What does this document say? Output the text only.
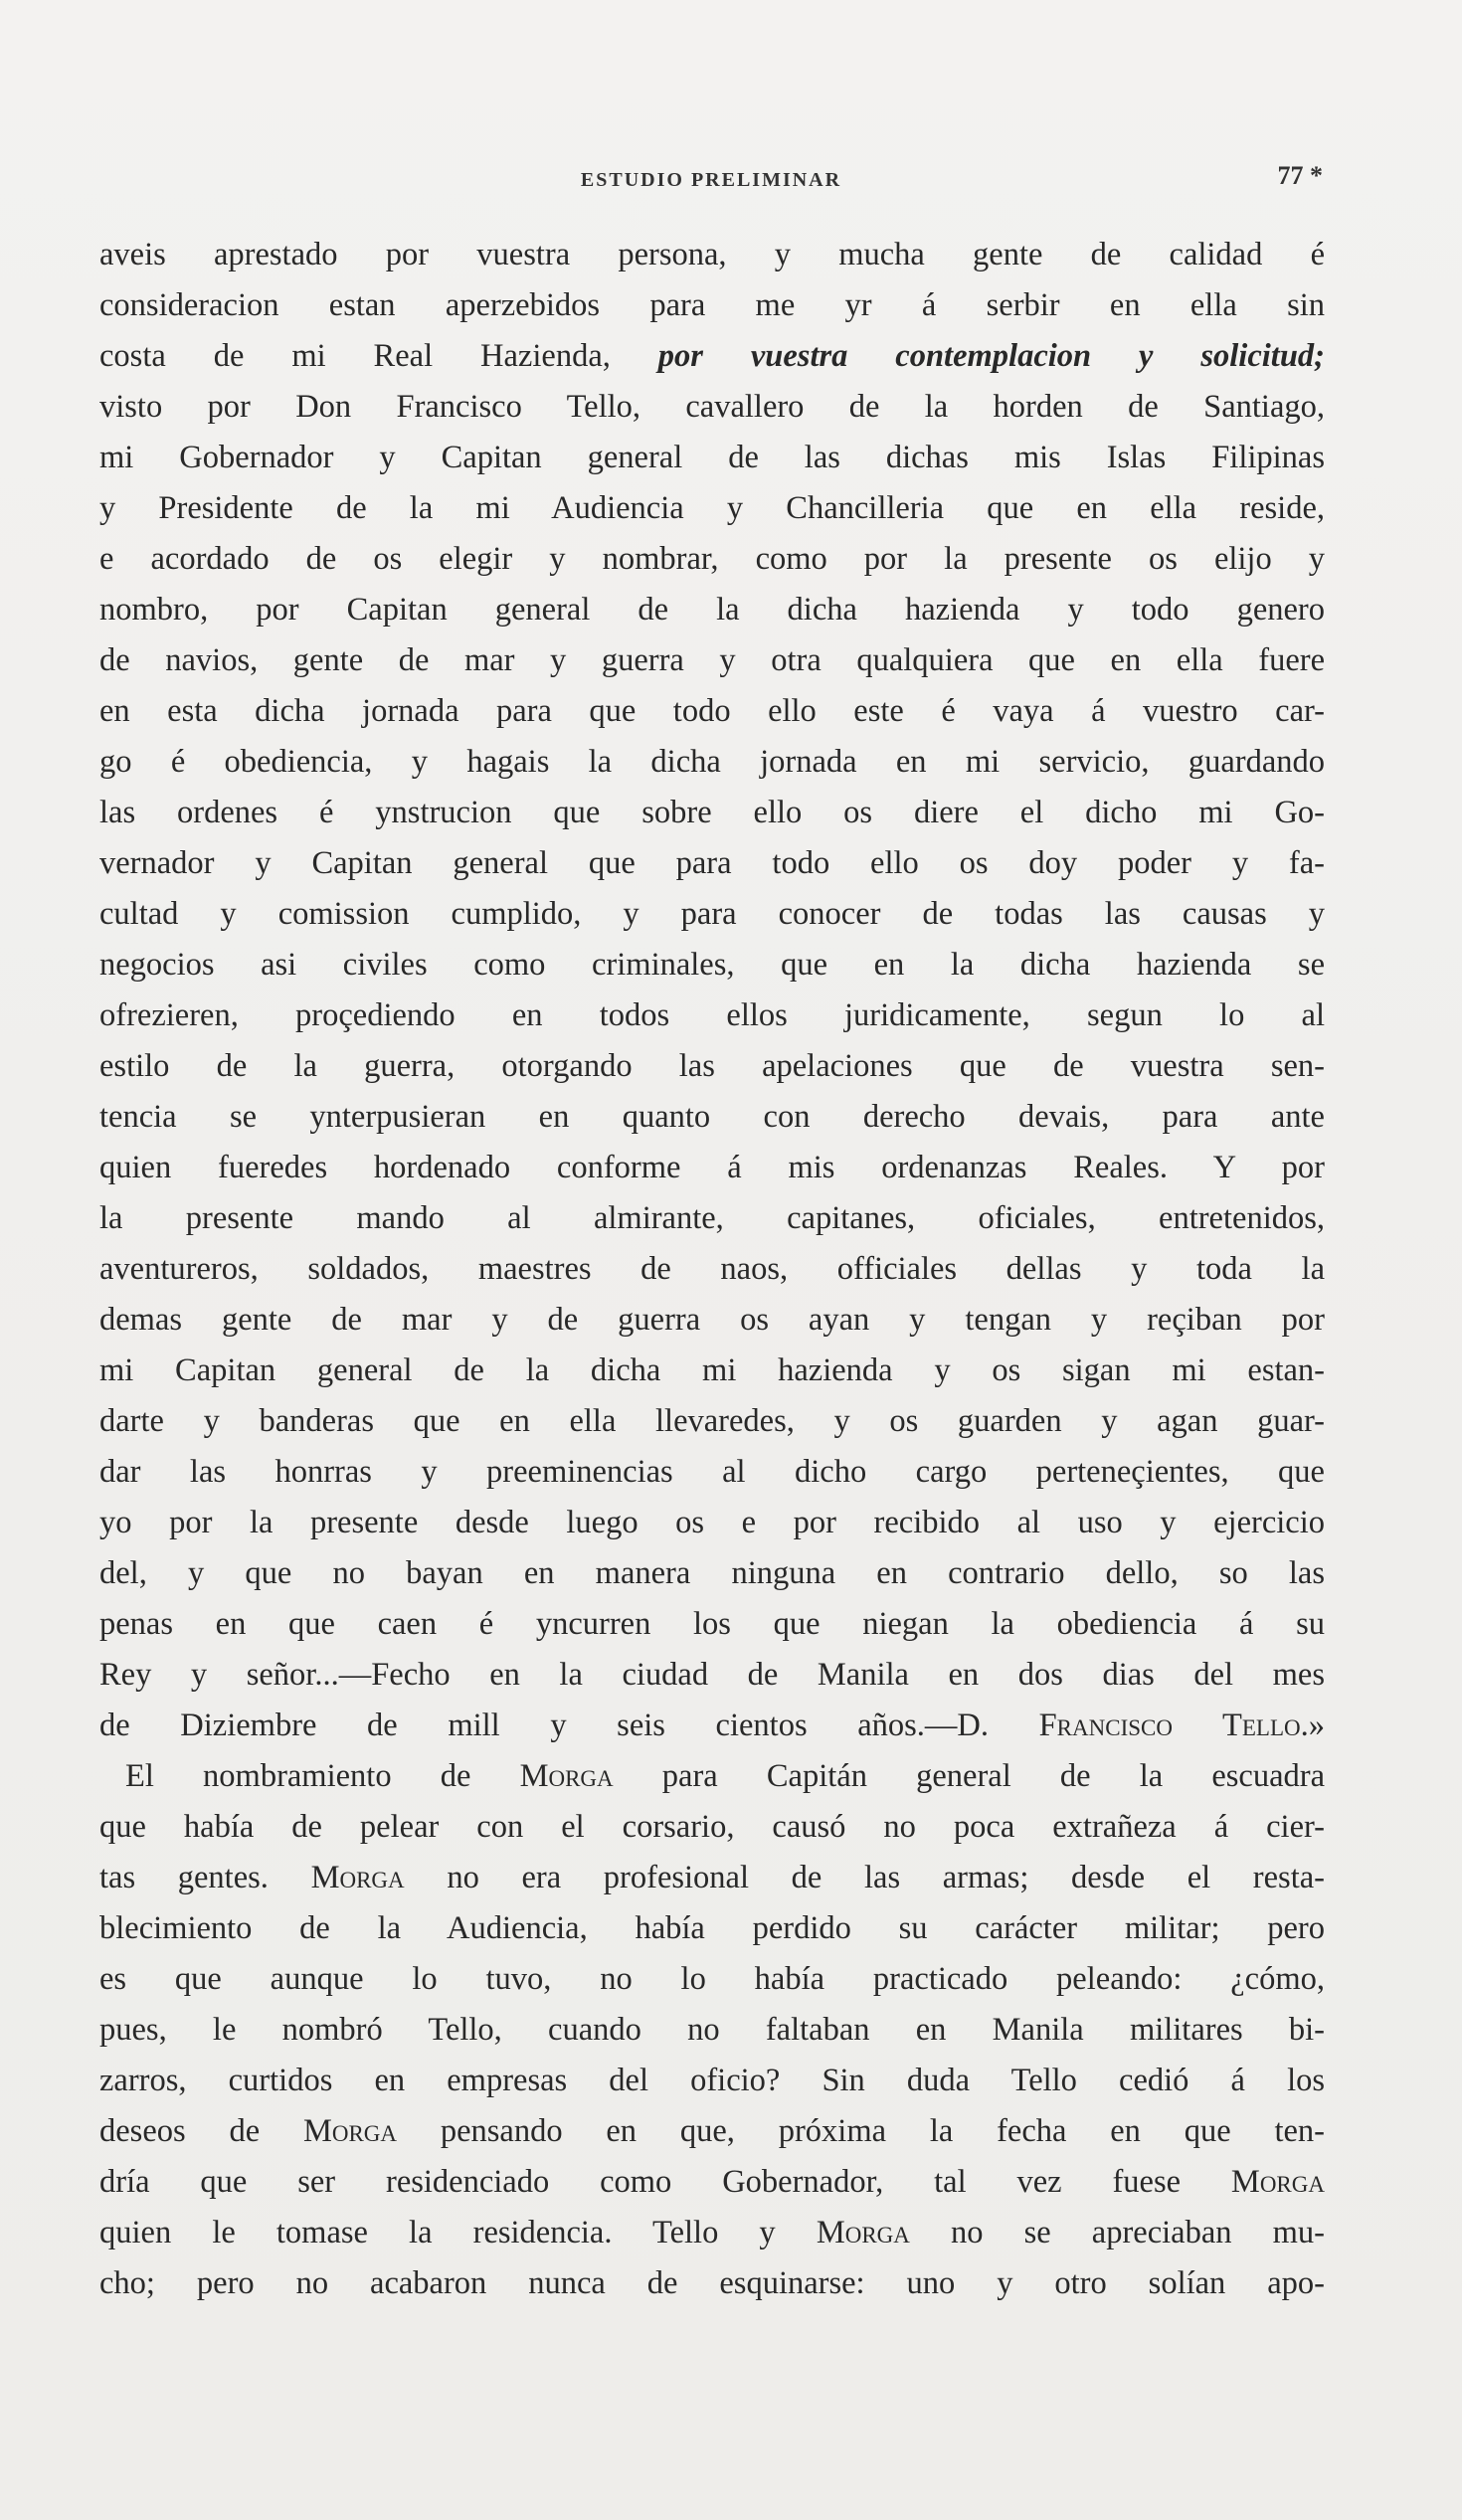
ESTUDIO PRELIMINAR	77 *
aveis aprestado por vuestra persona, y mucha gente de calidad é
consideracion estan aperzebidos para me yr á serbir en ella sin
costa de mi Real Hazienda, por vuestra contemplacion y solicitud;
visto por Don Francisco Tello, cavallero de la horden de Santiago,
mi Gobernador y Capitan general de las dichas mis Islas Filipinas
y Presidente de la mi Audiencia y Chancilleria que en ella reside,
e acordado de os elegir y nombrar, como por la presente os elijo y
nombro, por Capitan general de la dicha hazienda y todo genero
de navios, gente de mar y guerra y otra qualquiera que en ella fuere
en esta dicha jornada para que todo ello este é vaya á vuestro car-
go é obediencia, y hagais la dicha jornada en mi servicio, guardando
las ordenes é ynstrucion que sobre ello os diere el dicho mi Go-
vernador y Capitan general que para todo ello os doy poder y fa-
cultad y comission cumplido, y para conocer de todas las causas y
negocios asi civiles como criminales, que en la dicha hazienda se
ofrezieren, proçediendo en todos ellos juridicamente, segun lo al
estilo de la guerra, otorgando las apelaciones que de vuestra sen-
tencia se ynterpusieran en quanto con derecho devais, para ante
quien fueredes hordenado conforme á mis ordenanzas Reales. Y por
la presente mando al almirante, capitanes, oficiales, entretenidos,
aventureros, soldados, maestres de naos, officiales dellas y toda la
demas gente de mar y de guerra os ayan y tengan y reçiban por
mi Capitan general de la dicha mi hazienda y os sigan mi estan-
darte y banderas que en ella llevaredes, y os guarden y agan guar-
dar las honrras y preeminencias al dicho cargo perteneçientes, que
yo por la presente desde luego os e por recibido al uso y ejercicio
del, y que no bayan en manera ninguna en contrario dello, so las
penas en que caen é yncurren los que niegan la obediencia á su
Rey y señor...—Fecho en la ciudad de Manila en dos dias del mes
de Diziembre de mill y seis cientos años.—D. Francisco Tello.»
El nombramiento de Morga para Capitán general de la escuadra
que había de pelear con el corsario, causó no poca extrañeza á cier-
tas gentes. Morga no era profesional de las armas; desde el resta-
blecimiento de la Audiencia, había perdido su carácter militar; pero
es que aunque lo tuvo, no lo había practicado peleando: ¿cómo,
pues, le nombró Tello, cuando no faltaban en Manila militares bi-
zarros, curtidos en empresas del oficio? Sin duda Tello cedió á los
deseos de Morga pensando en que, próxima la fecha en que ten-
dría que ser residenciado como Gobernador, tal vez fuese Morga
quien le tomase la residencia. Tello y Morga no se apreciaban mu-
cho; pero no acabaron nunca de esquinarse: uno y otro solían apo-
